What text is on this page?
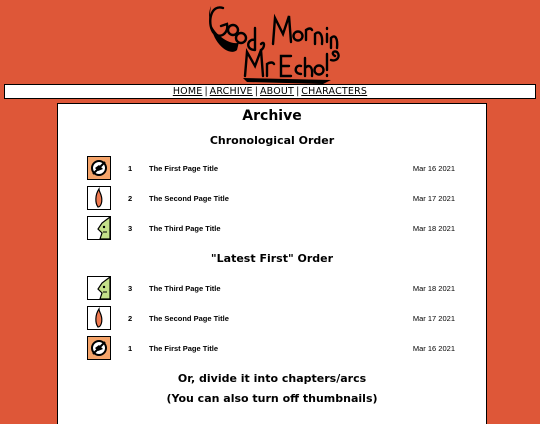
HOME | ARCHIVE | ABOUT | CHARACTERS
Archive
Chronological Order
1 The First Page Title	Mar 16 2021
2 The Second Page Title	Mar 17 2021
3 The Third Page Title	Mar 18 2021
"Latest First" Order
3 The Third Page Title	Mar 18 2021
2 The Second Page Title	Mar 17 2021
1 The First Page Title	Mar 16 2021
Or, divide it into chapters/arcs
(You can also turn off thumbnails)
